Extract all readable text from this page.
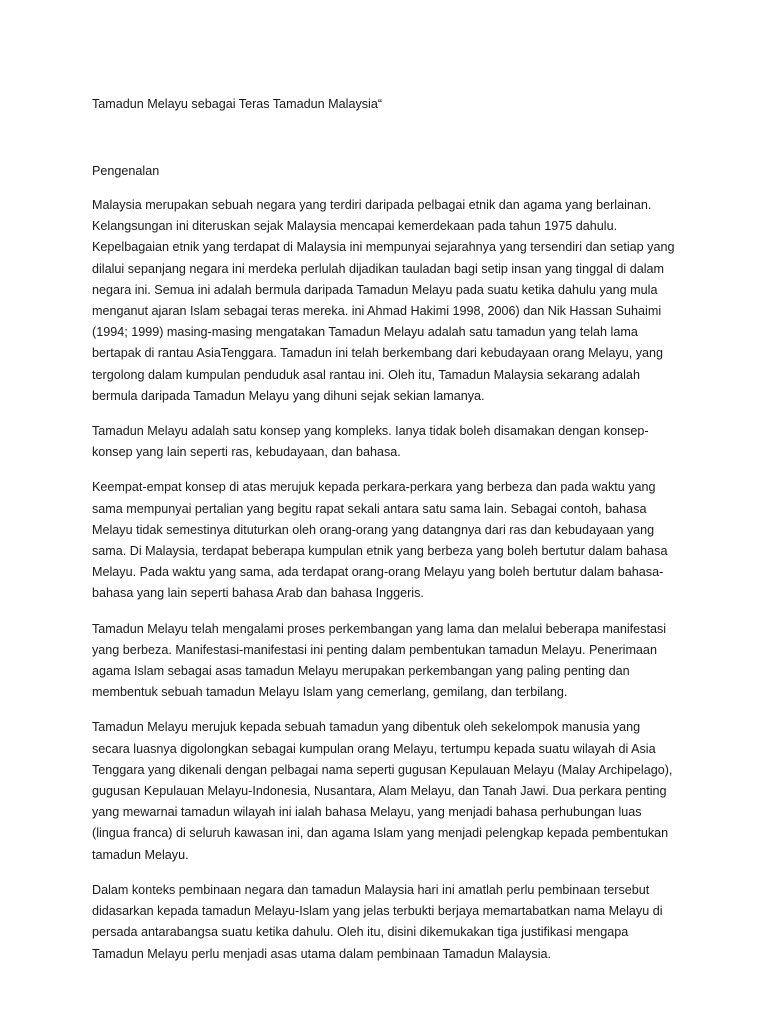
Tamadun Melayu sebagai Teras Tamadun Malaysia“

Pengenalan

Malaysia merupakan sebuah negara yang terdiri daripada pelbagai etnik dan agama yang berlainan. Kelangsungan ini diteruskan sejak Malaysia mencapai kemerdekaan pada tahun 1975 dahulu. Kepelbagaian etnik yang terdapat di Malaysia ini mempunyai sejarahnya yang tersendiri dan setiap yang dilalui sepanjang negara ini merdeka perlulah dijadikan tauladan bagi setip insan yang tinggal di dalam negara ini. Semua ini adalah bermula daripada Tamadun Melayu pada suatu ketika dahulu yang mula menganut ajaran Islam sebagai teras mereka. ini Ahmad Hakimi 1998, 2006) dan Nik Hassan Suhaimi (1994; 1999) masing-masing mengatakan Tamadun Melayu adalah satu tamadun yang telah lama bertapak di rantau AsiaTenggara. Tamadun ini telah berkembang dari kebudayaan orang Melayu, yang tergolong dalam kumpulan penduduk asal rantau ini. Oleh itu, Tamadun Malaysia sekarang adalah bermula daripada Tamadun Melayu yang dihuni sejak sekian lamanya.

Tamadun Melayu adalah satu konsep yang kompleks. Ianya tidak boleh disamakan dengan konsep-konsep yang lain seperti ras, kebudayaan, dan bahasa.

Keempat-empat konsep di atas merujuk kepada perkara-perkara yang berbeza dan pada waktu yang sama mempunyai pertalian yang begitu rapat sekali antara satu sama lain. Sebagai contoh, bahasa Melayu tidak semestinya dituturkan oleh orang-orang yang datangnya dari ras dan kebudayaan yang sama. Di Malaysia, terdapat beberapa kumpulan etnik yang berbeza yang boleh bertutur dalam bahasa Melayu. Pada waktu yang sama, ada terdapat orang-orang Melayu yang boleh bertutur dalam bahasa-bahasa yang lain seperti bahasa Arab dan bahasa Inggeris.

Tamadun Melayu telah mengalami proses perkembangan yang lama dan melalui beberapa manifestasi yang berbeza. Manifestasi-manifestasi ini penting dalam pembentukan tamadun Melayu. Penerimaan agama Islam sebagai asas tamadun Melayu merupakan perkembangan yang paling penting dan membentuk sebuah tamadun Melayu Islam yang cemerlang, gemilang, dan terbilang.

Tamadun Melayu merujuk kepada sebuah tamadun yang dibentuk oleh sekelompok manusia yang secara luasnya digolongkan sebagai kumpulan orang Melayu, tertumpu kepada suatu wilayah di Asia Tenggara yang dikenali dengan pelbagai nama seperti gugusan Kepulauan Melayu (Malay Archipelago), gugusan Kepulauan Melayu-Indonesia, Nusantara, Alam Melayu, dan Tanah Jawi. Dua perkara penting yang mewarnai tamadun wilayah ini ialah bahasa Melayu, yang menjadi bahasa perhubungan luas (lingua franca) di seluruh kawasan ini, dan agama Islam yang menjadi pelengkap kepada pembentukan tamadun Melayu.

Dalam konteks pembinaan negara dan tamadun Malaysia hari ini amatlah perlu pembinaan tersebut didasarkan kepada tamadun Melayu-Islam yang jelas terbukti berjaya memartabatkan nama Melayu di persada antarabangsa suatu ketika dahulu. Oleh itu, disini dikemukakan tiga justifikasi mengapa Tamadun Melayu perlu menjadi asas utama dalam pembinaan Tamadun Malaysia.
